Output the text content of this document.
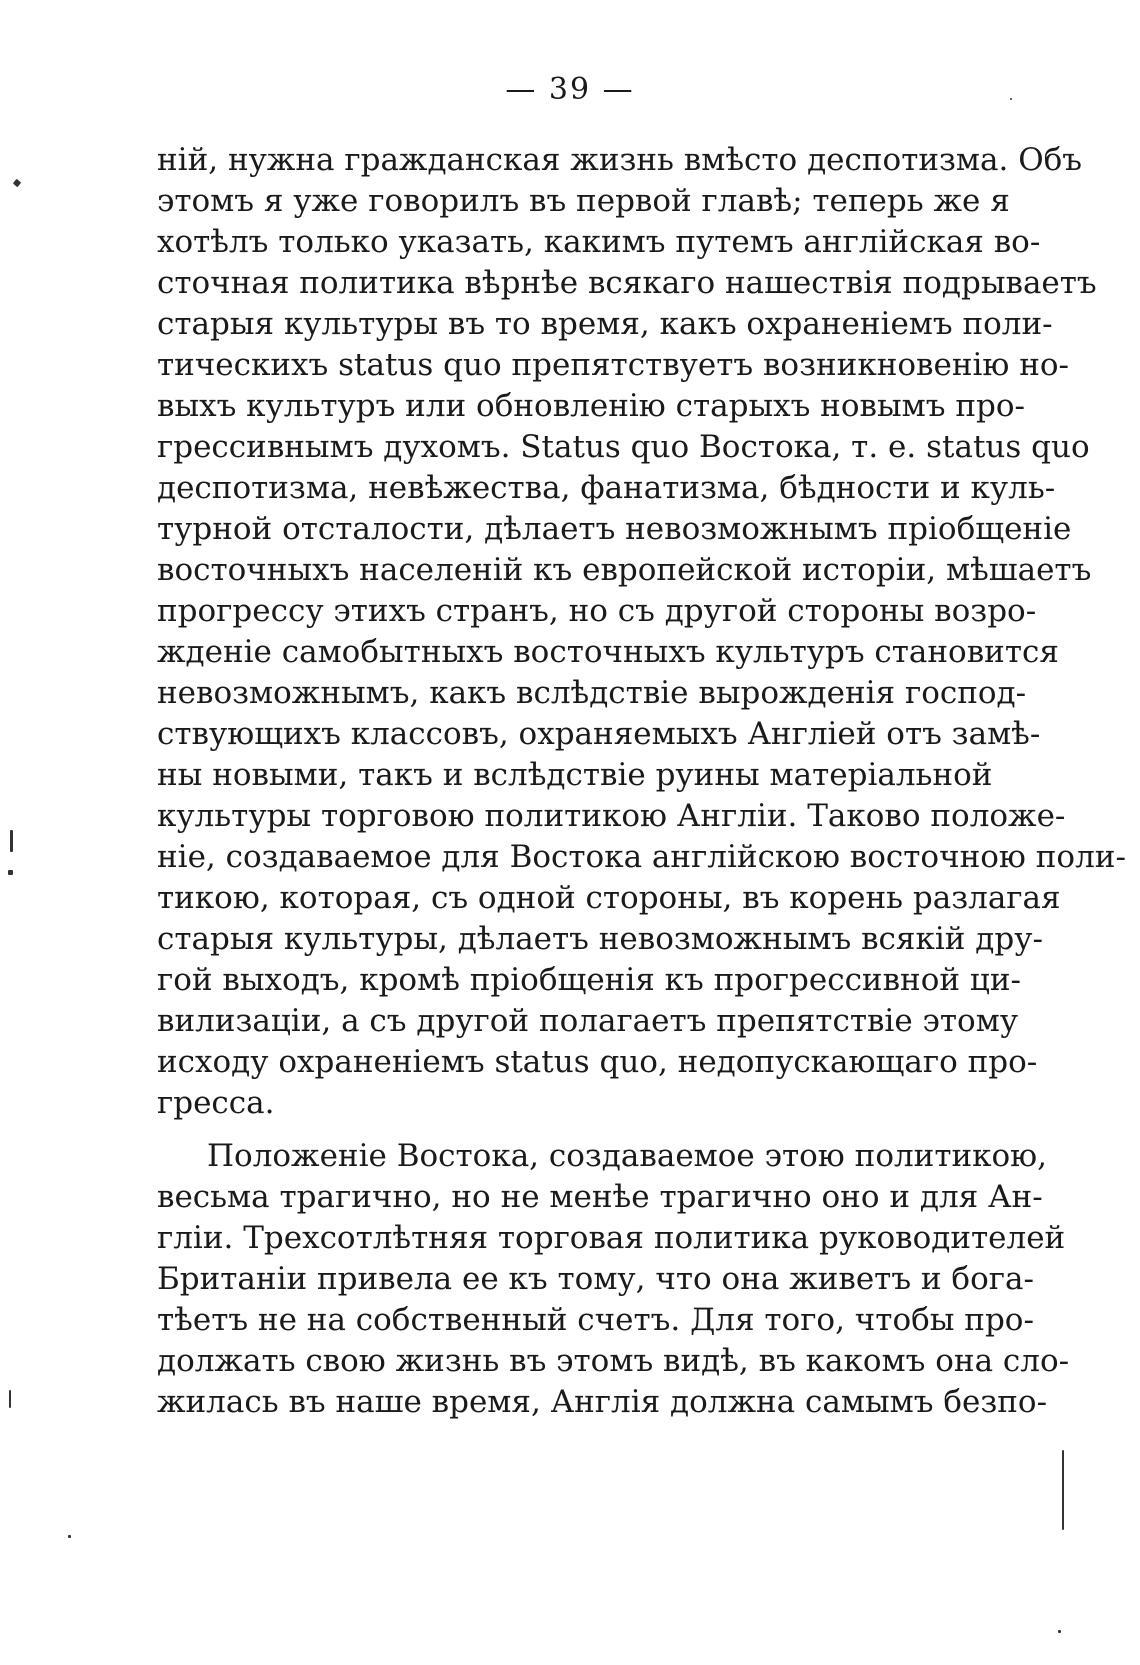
— 39 —
ній, нужна гражданская жизнь вмѣсто деспотизма. Объ
этомъ я уже говорилъ въ первой главѣ; теперь же я
хотѣлъ только указать, какимъ путемъ англійская во-
сточная политика вѣрнѣе всякаго нашествія подрываетъ
старыя культуры въ то время, какъ охраненіемъ поли-
тическихъ status quo препятствуетъ возникновенію но-
выхъ культуръ или обновленію старыхъ новымъ про-
грессивнымъ духомъ. Status quo Востока, т. е. status quo
деспотизма, невѣжества, фанатизма, бѣдности и куль-
турной отсталости, дѣлаетъ невозможнымъ пріобщеніе
восточныхъ населеній къ европейской исторіи, мѣшаетъ
прогрессу этихъ странъ, но съ другой стороны возро-
жденіе самобытныхъ восточныхъ культуръ становится
невозможнымъ, какъ вслѣдствіе вырожденія господ-
ствующихъ классовъ, охраняемыхъ Англіей отъ замѣ-
ны новыми, такъ и вслѣдствіе руины матеріальной
культуры торговою политикою Англіи. Таково положе-
ніе, создаваемое для Востока англійскою восточною поли-
тикою, которая, съ одной стороны, въ корень разлагая
старыя культуры, дѣлаетъ невозможнымъ всякій дру-
гой выходъ, кромѣ пріобщенія къ прогрессивной ци-
вилизаціи, а съ другой полагаетъ препятствіе этому
исходу охраненіемъ status quo, недопускающаго про-
гресса.
Положеніе Востока, создаваемое этою политикою,
весьма трагично, но не менѣе трагично оно и для Ан-
гліи. Трехсотлѣтняя торговая политика руководителей
Британіи привела ее къ тому, что она живетъ и бога-
тѣетъ не на собственный счетъ. Для того, чтобы про-
должать свою жизнь въ этомъ видѣ, въ какомъ она сло-
жилась въ наше время, Англія должна самымъ безпо-
